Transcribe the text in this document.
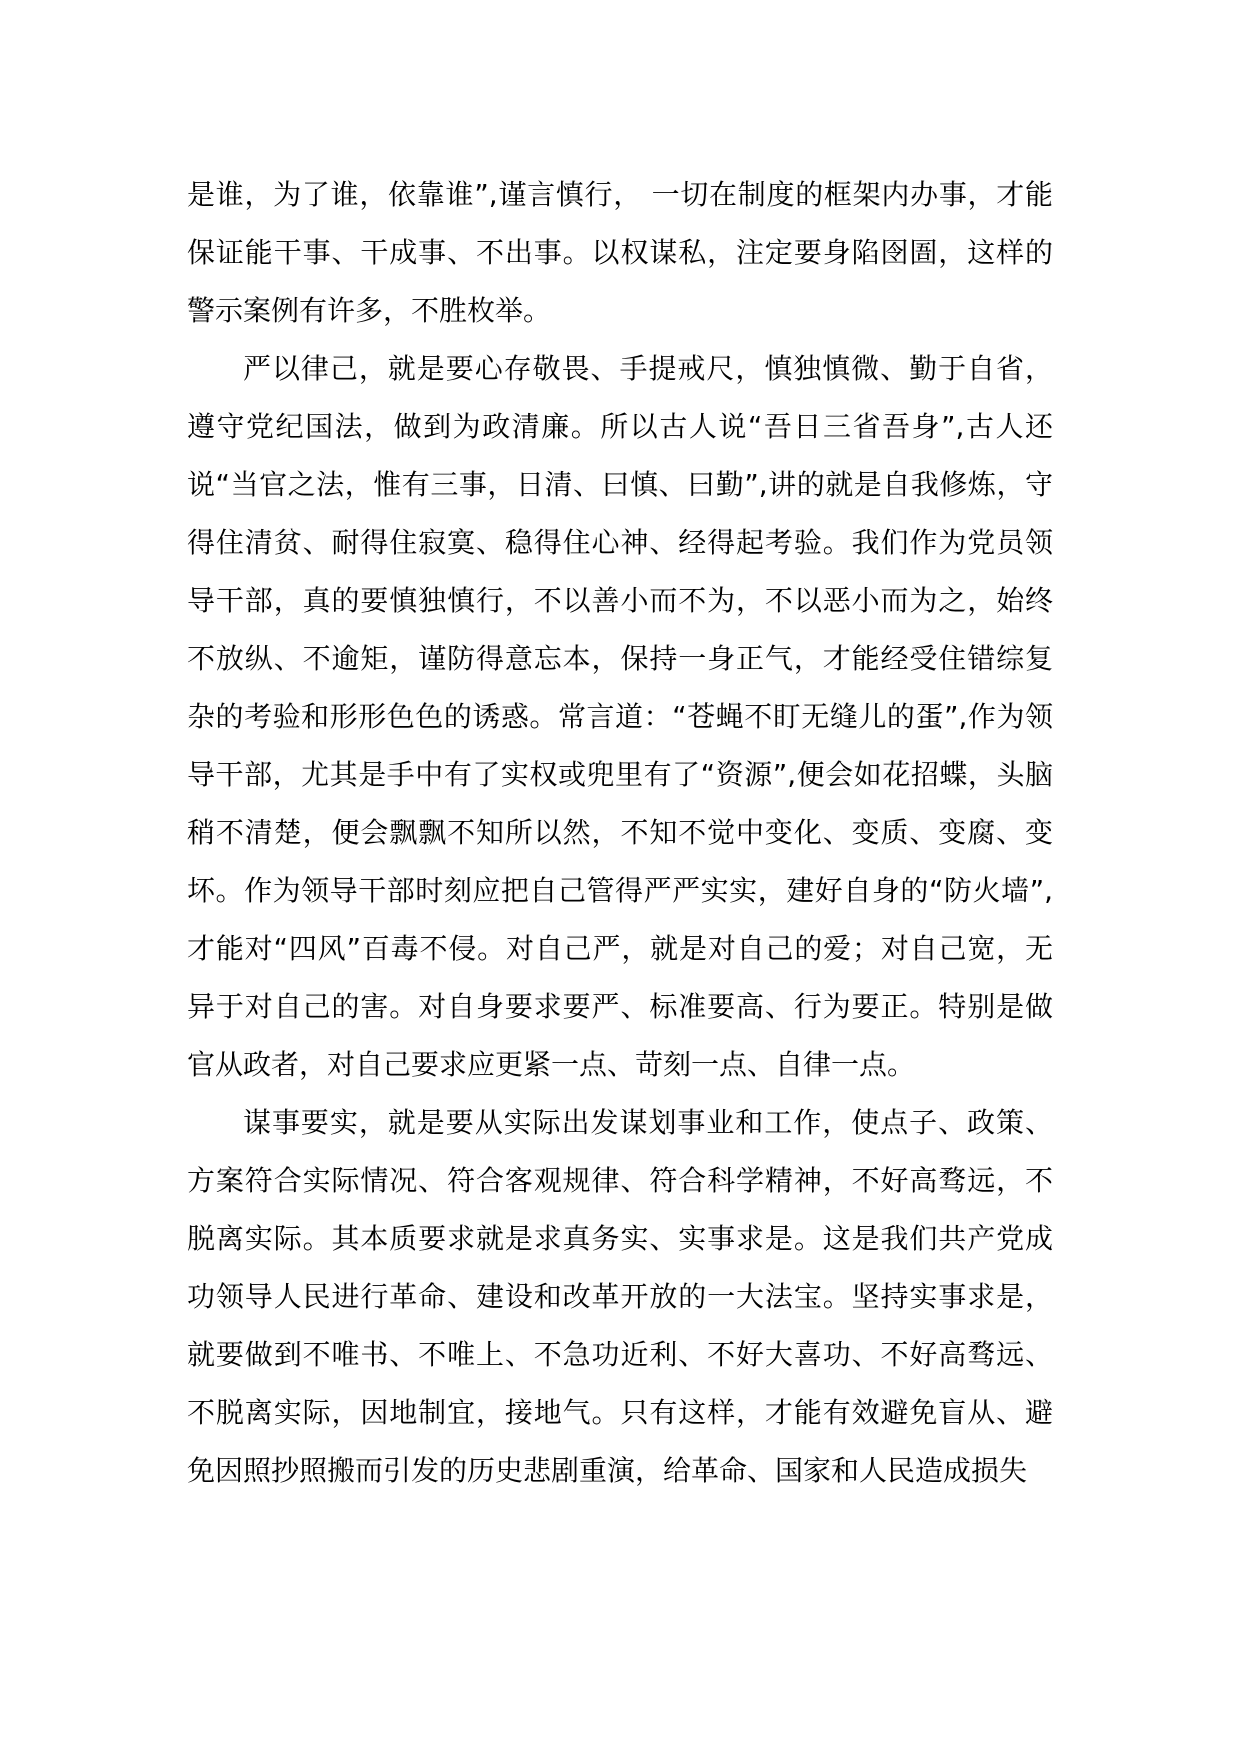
是谁，为了谁，依靠谁”,谨言慎行， 一切在制度的框架内办事，才能保证能干事、干成事、不出事。以权谋私，注定要身陷囹圄，这样的警示案例有许多，不胜枚举。

严以律己，就是要心存敬畏、手提戒尺，慎独慎微、勤于自省，遵守党纪国法，做到为政清廉。所以古人说“吾日三省吾身”,古人还说“当官之法，惟有三事，日清、曰慎、曰勤”,讲的就是自我修炼，守得住清贫、耐得住寂寞、稳得住心神、经得起考验。我们作为党员领导干部，真的要慎独慎行，不以善小而不为，不以恶小而为之，始终不放纵、不逾矩，谨防得意忘本，保持一身正气，才能经受住错综复杂的考验和形形色色的诱惑。常言道：“苍蝇不盯无缝儿的蛋”,作为领导干部，尤其是手中有了实权或兜里有了“资源”,便会如花招蝶，头脑稍不清楚，便会飘飘不知所以然，不知不觉中变化、变质、变腐、变坏。作为领导干部时刻应把自己管得严严实实，建好自身的“防火墙”,才能对“四风”百毒不侵。对自己严，就是对自己的爱；对自己宽，无异于对自己的害。对自身要求要严、标准要高、行为要正。特别是做官从政者，对自己要求应更紧一点、苛刻一点、自律一点。

谋事要实，就是要从实际出发谋划事业和工作，使点子、政策、方案符合实际情况、符合客观规律、符合科学精神，不好高骛远，不脱离实际。其本质要求就是求真务实、实事求是。这是我们共产党成功领导人民进行革命、建设和改革开放的一大法宝。坚持实事求是，就要做到不唯书、不唯上、不急功近利、不好大喜功、不好高骛远、不脱离实际，因地制宜，接地气。只有这样，才能有效避免盲从、避免因照抄照搬而引发的历史悲剧重演，给革命、国家和人民造成损失
